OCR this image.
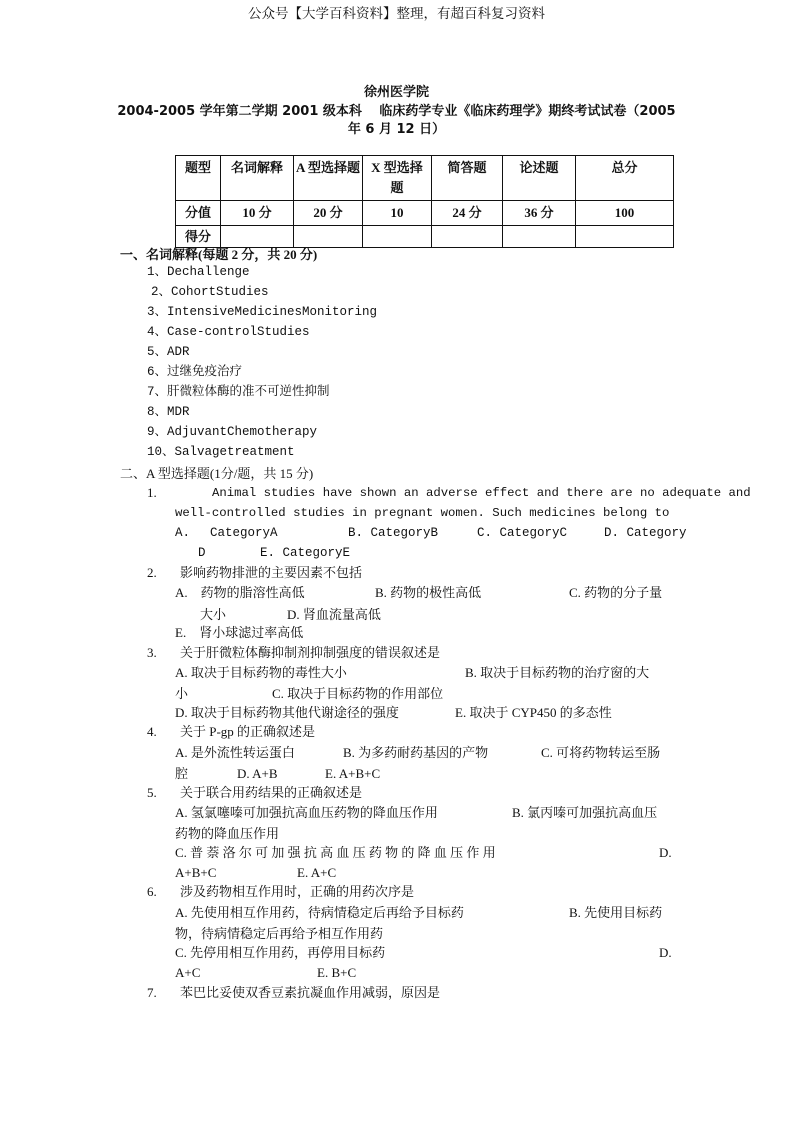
公众号【大学百科资料】整理，有超百科复习资料
徐州医学院
2004-2005 学年第二学期 2001 级本科　 临床药学专业《临床药理学》期终考试试卷（2005
年 6 月 12 日）
题型	名词解释	A 型选择题	X 型选择题	简答题	论述题	总分
分值	10 分	20 分	10	24 分	36 分	100
得分						
一、名词解释(每题 2 分，共 20 分)
1、Dechallenge
2、CohortStudies
3、IntensiveMedicinesMonitoring
4、Case-controlStudies
5、ADR
6、过继免疫治疗
7、肝微粒体酶的准不可逆性抑制
8、MDR
9、AdjuvantChemotherapy
10、Salvagetreatment
二、A 型选择题(1分/题，共 15 分)
1.	Animal studies have shown an adverse effect and there are no adequate and
well-controlled studies in pregnant women. Such medicines belong to
A.　 CategoryA	B. CategoryB	C. CategoryC	D. Category
D	E. CategoryE
2. 影响药物排泄的主要因素不包括
A.　药物的脂溶性高低	B. 药物的极性高低	C. 药物的分子量
大小	D. 肾血流量高低
E.　肾小球滤过率高低
3. 关于肝微粒体酶抑制剂抑制强度的错误叙述是
A. 取决于目标药物的毒性大小	B. 取决于目标药物的治疗窗的大
小	C. 取决于目标药物的作用部位
D. 取决于目标药物其他代谢途径的强度	E. 取决于 CYP450 的多态性
4. 关于 P-gp 的正确叙述是
A. 是外流性转运蛋白	B. 为多药耐药基因的产物	C. 可将药物转运至肠
腔	D. A+B	E. A+B+C
5. 关于联合用药结果的正确叙述是
A. 氢氯噻嗪可加强抗高血压药物的降血压作用	B. 氯丙嗪可加强抗高血压
药物的降血压作用
C. 普 萘 洛 尔 可 加 强 抗 高 血 压 药 物 的 降 血 压 作 用	D.
A+B+C	E. A+C
6. 涉及药物相互作用时，正确的用药次序是
A. 先使用相互作用药，待病情稳定后再给予目标药	B. 先使用目标药
物，待病情稳定后再给予相互作用药
C. 先停用相互作用药，再停用目标药	D.
A+C	E. B+C
7. 苯巴比妥使双香豆素抗凝血作用减弱，原因是
